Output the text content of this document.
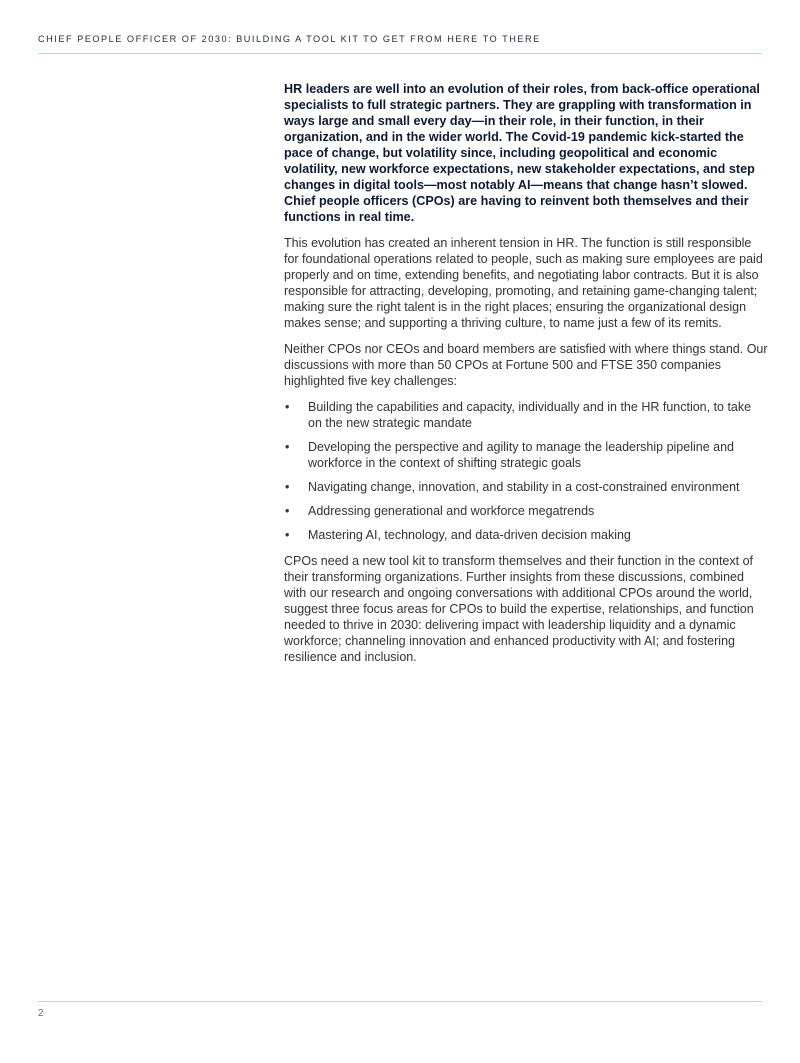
CHIEF PEOPLE OFFICER OF 2030: BUILDING A TOOL KIT TO GET FROM HERE TO THERE

HR leaders are well into an evolution of their roles, from back-office operational specialists to full strategic partners. They are grappling with transformation in ways large and small every day—in their role, in their function, in their organization, and in the wider world. The Covid-19 pandemic kick-started the pace of change, but volatility since, including geopolitical and economic volatility, new workforce expectations, new stakeholder expectations, and step changes in digital tools—most notably AI—means that change hasn’t slowed. Chief people officers (CPOs) are having to reinvent both themselves and their functions in real time.

This evolution has created an inherent tension in HR. The function is still responsible for foundational operations related to people, such as making sure employees are paid properly and on time, extending benefits, and negotiating labor contracts. But it is also responsible for attracting, developing, promoting, and retaining game-changing talent; making sure the right talent is in the right places; ensuring the organizational design makes sense; and supporting a thriving culture, to name just a few of its remits.

Neither CPOs nor CEOs and board members are satisfied with where things stand. Our discussions with more than 50 CPOs at Fortune 500 and FTSE 350 companies highlighted five key challenges:

• Building the capabilities and capacity, individually and in the HR function, to take on the new strategic mandate
• Developing the perspective and agility to manage the leadership pipeline and workforce in the context of shifting strategic goals
• Navigating change, innovation, and stability in a cost-constrained environment
• Addressing generational and workforce megatrends
• Mastering AI, technology, and data-driven decision making

CPOs need a new tool kit to transform themselves and their function in the context of their transforming organizations. Further insights from these discussions, combined with our research and ongoing conversations with additional CPOs around the world, suggest three focus areas for CPOs to build the expertise, relationships, and function needed to thrive in 2030: delivering impact with leadership liquidity and a dynamic workforce; channeling innovation and enhanced productivity with AI; and fostering resilience and inclusion.

2
